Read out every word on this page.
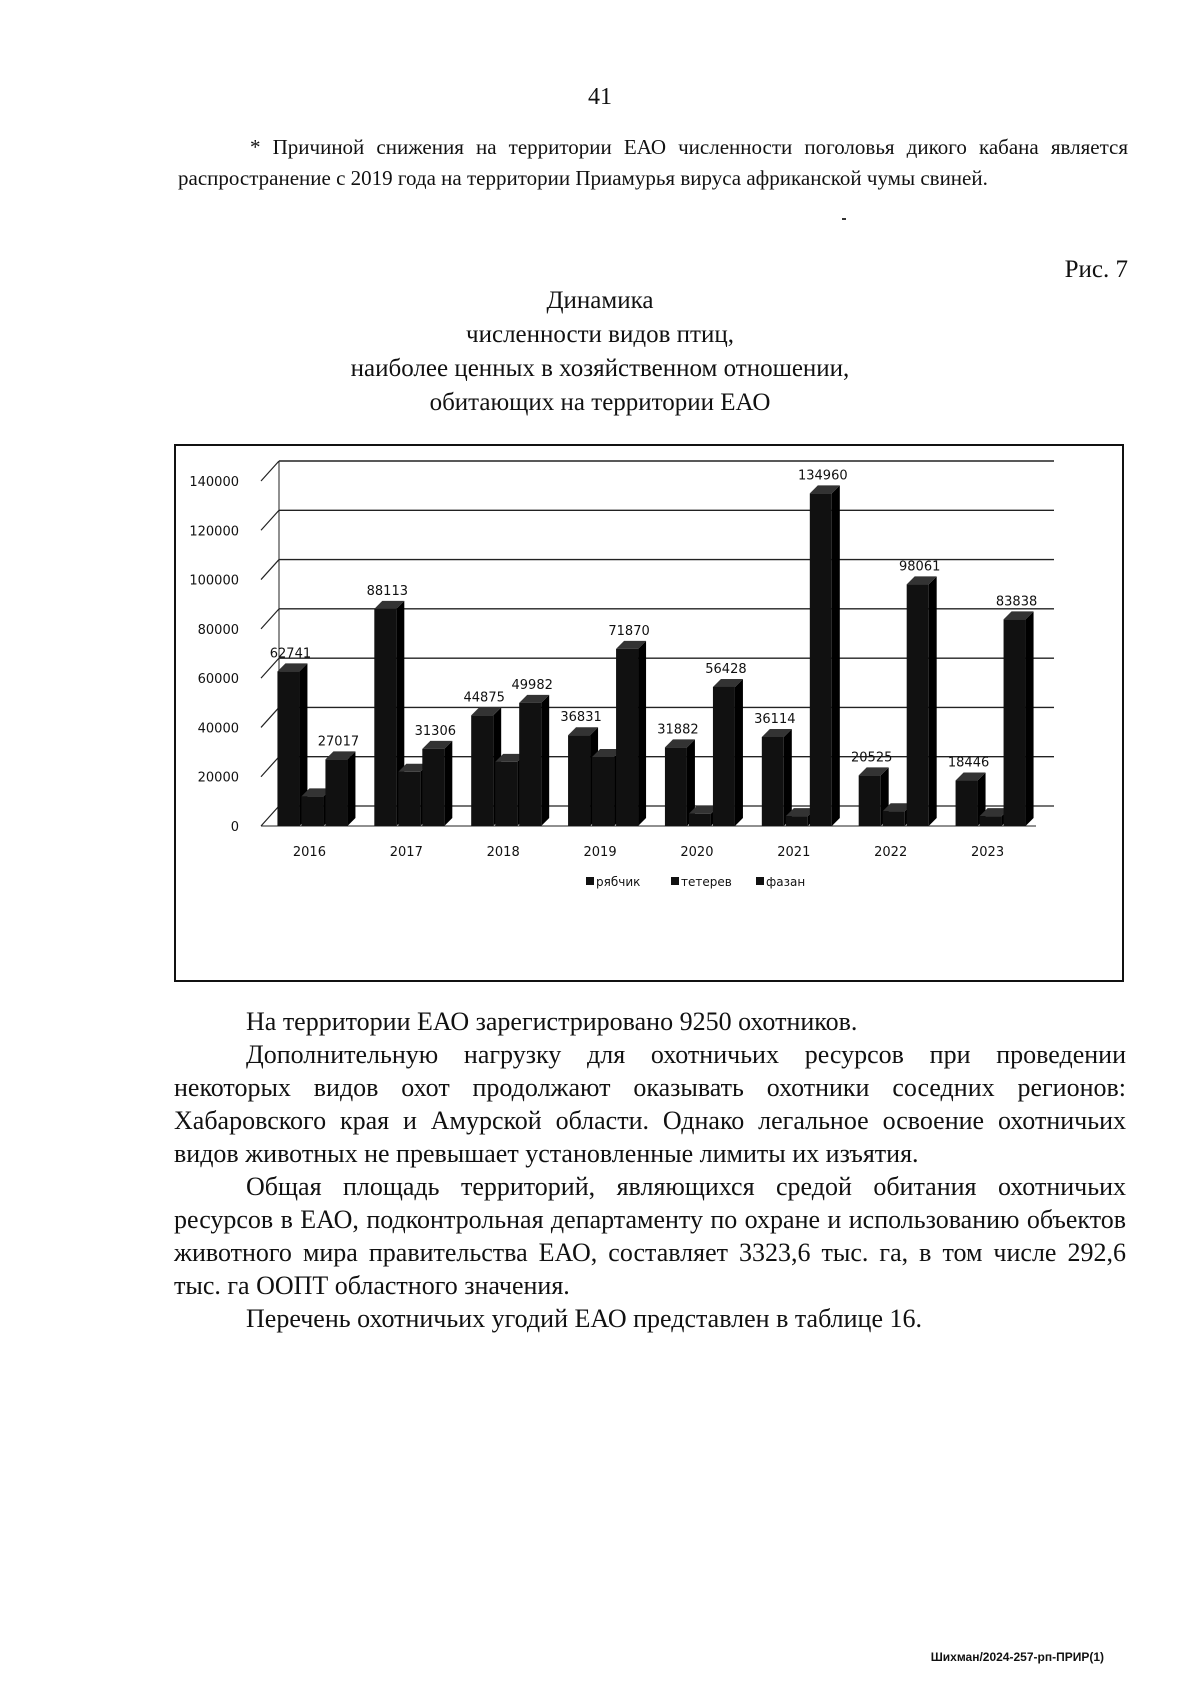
41
* Причиной снижения на территории ЕАО численности поголовья дикого кабана является распространение с 2019 года на территории Приамурья вируса африканской чумы свиней.
Рис. 7
Динамика
численности видов птиц,
наиболее ценных в хозяйственном отношении,
обитающих на территории ЕАО
0
20000
40000
60000
80000
100000
120000
140000
62741
27017
2016
88113
31306
2017
44875
49982
2018
36831
71870
2019
31882
56428
2020
36114
134960
2021
20525
98061
2022
18446
83838
2023
рябчик	тетерев	фазан

На территории ЕАО зарегистрировано 9250 охотников.

Дополнительную нагрузку для охотничьих ресурсов при проведении некоторых видов охот продолжают оказывать охотники соседних регионов: Хабаровского края и Амурской области. Однако легальное освоение охотничьих видов животных не превышает установленные лимиты их изъятия.

Общая площадь территорий, являющихся средой обитания охотничьих ресурсов в ЕАО, подконтрольная департаменту по охране и использованию объектов животного мира правительства ЕАО, составляет 3323,6 тыс. га, в том числе 292,6 тыс. га ООПТ областного значения.

Перечень охотничьих угодий ЕАО представлен в таблице 16.

Шихман/2024-257-рп-ПРИР(1)
